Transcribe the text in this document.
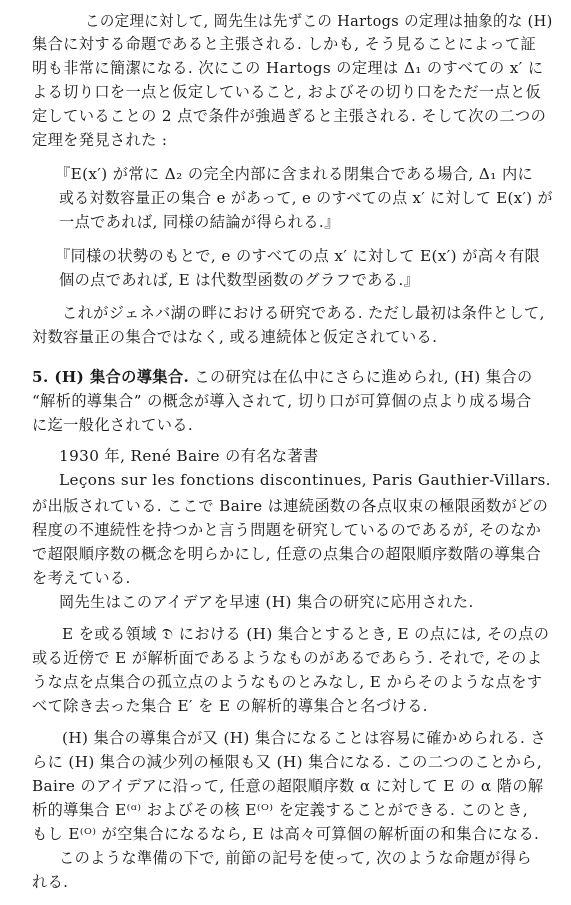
この定理に対して, 岡先生は先ずこの Hartogs の定理は抽象的な (H)
集合に対する命題であると主張される. しかも, そう見ることによって証
明も非常に簡潔になる. 次にこの Hartogs の定理は Δ₁ のすべての x′ に
よる切り口を一点と仮定していること, およびその切り口をただ一点と仮
定していることの 2 点で条件が強過ぎると主張される. そして次の二つの
定理を発見された :
『E(x′) が常に Δ₂ の完全内部に含まれる閉集合である場合, Δ₁ 内に
或る対数容量正の集合 e があって, e のすべての点 x′ に対して E(x′) が
一点であれば, 同様の結論が得られる.』
『同様の状勢のもとで, e のすべての点 x′ に対して E(x′) が高々有限
個の点であれば, E は代数型函数のグラフである.』
これがジェネバ湖の畔における研究である. ただし最初は条件として,
対数容量正の集合ではなく, 或る連続体と仮定されている.
5. (H) 集合の導集合. この研究は在仏中にさらに進められ, (H) 集合の
“解析的導集合” の概念が導入されて, 切り口が可算個の点より成る場合
に迄一般化されている.
1930 年, René Baire の有名な著書
Leçons sur les fonctions discontinues, Paris Gauthier-Villars.
が出版されている. ここで Baire は連続函数の各点収束の極限函数がどの
程度の不連続性を持つかと言う問題を研究しているのであるが, そのなか
で超限順序数の概念を明らかにし, 任意の点集合の超限順序数階の導集合
を考えている.
岡先生はこのアイデアを早速 (H) 集合の研究に応用された.
E を或る領域 𝔇 における (H) 集合とするとき, E の点には, その点の
或る近傍で E が解析面であるようなものがあるであらう. それで, そのよ
うな点を点集合の孤立点のようなものとみなし, E からそのような点をす
べて除き去った集合 E′ を E の解析的導集合と名づける.
(H) 集合の導集合が又 (H) 集合になることは容易に確かめられる. さ
らに (H) 集合の減少列の極限も又 (H) 集合になる. この二つのことから,
Baire のアイデアに沿って, 任意の超限順序数 α に対して E の α 階の解
析的導集合 E⁽ᵅ⁾ およびその核 E⁽ᴼ⁾ を定義することができる. このとき,
もし E⁽ᴼ⁾ が空集合になるなら, E は高々可算個の解析面の和集合になる.
このような準備の下で, 前節の記号を使って, 次のような命題が得ら
れる.
